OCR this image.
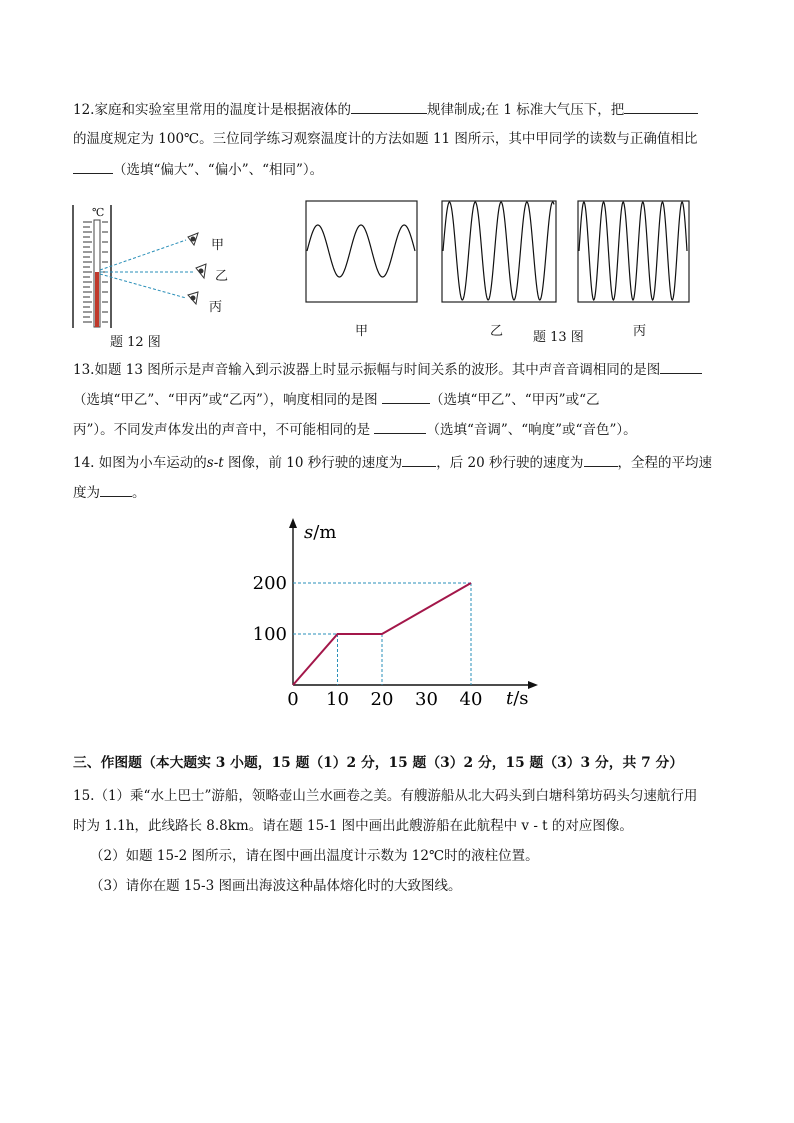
12.家庭和实验室里常用的温度计是根据液体的	规律制成;在 1 标准大气压下，把
的温度规定为 100℃。三位同学练习观察温度计的方法如题 11 图所示，其中甲同学的读数与正确值相比
（选填“偏大”、“偏小”、“相同”）。
℃
甲
乙
丙
题 12 图
甲	乙 题 13 图	丙
13.如题 13 图所示是声音输入到示波器上时显示振幅与时间关系的波形。其中声音音调相同的是图
（选填“甲乙”、“甲丙”或“乙丙”），响度相同的是图	（选填“甲乙”、“甲丙”或“乙
丙”）。不同发声体发出的声音中，不可能相同的是	（选填“音调”、“响度”或“音色”）。
14. 如图为小车运动的s-t 图像，前 10 秒行驶的速度为	，后 20 秒行驶的速度为	，全程的平均速
度为 。
0 10 20 30 40
100
200
s/m
t/s
三、作图题（本大题实 3 小题，15 题（1）2 分，15 题（3）2 分，15 题（3）3 分，共 7 分）
15.（1）乘“水上巴士”游船，领略壶山兰水画卷之美。有艘游船从北大码头到白塘科第坊码头匀速航行用
时为 1.1h，此线路长 8.8km。请在题 15-1 图中画出此艘游船在此航程中 v - t 的对应图像。
（2）如题 15-2 图所示，请在图中画出温度计示数为 12℃时的液柱位置。
（3）请你在题 15-3 图画出海波这种晶体熔化时的大致图线。
